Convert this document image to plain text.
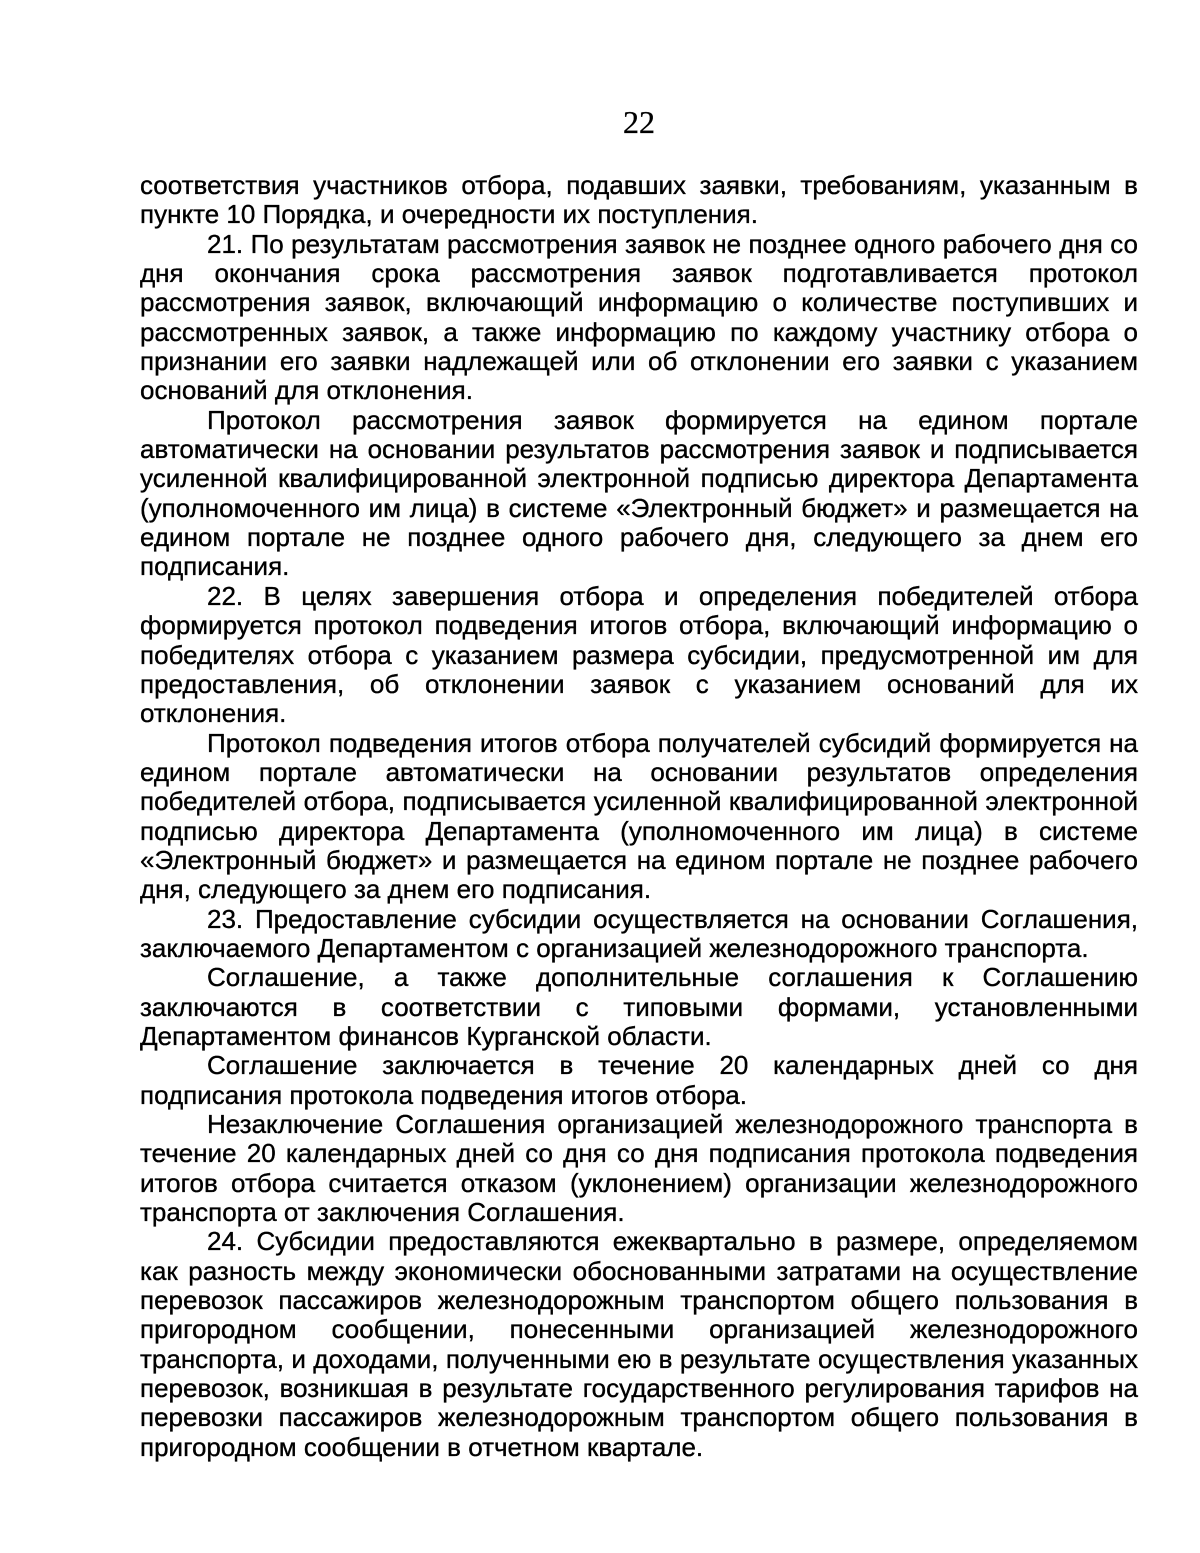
22

соответствия участников отбора, подавших заявки, требованиям, указанным в пункте 10 Порядка, и очередности их поступления.

21. По результатам рассмотрения заявок не позднее одного рабочего дня со дня окончания срока рассмотрения заявок подготавливается протокол рассмотрения заявок, включающий информацию о количестве поступивших и рассмотренных заявок, а также информацию по каждому участнику отбора о признании его заявки надлежащей или об отклонении его заявки с указанием оснований для отклонения.

Протокол рассмотрения заявок формируется на едином портале автоматически на основании результатов рассмотрения заявок и подписывается усиленной квалифицированной электронной подписью директора Департамента (уполномоченного им лица) в системе «Электронный бюджет» и размещается на едином портале не позднее одного рабочего дня, следующего за днем его подписания.

22. В целях завершения отбора и определения победителей отбора формируется протокол подведения итогов отбора, включающий информацию о победителях отбора с указанием размера субсидии, предусмотренной им для предоставления, об отклонении заявок с указанием оснований для их отклонения.

Протокол подведения итогов отбора получателей субсидий формируется на едином портале автоматически на основании результатов определения победителей отбора, подписывается усиленной квалифицированной электронной подписью директора Департамента (уполномоченного им лица) в системе «Электронный бюджет» и размещается на едином портале не позднее рабочего дня, следующего за днем его подписания.

23. Предоставление субсидии осуществляется на основании Соглашения, заключаемого Департаментом с организацией железнодорожного транспорта.

Соглашение, а также дополнительные соглашения к Соглашению заключаются в соответствии с типовыми формами, установленными Департаментом финансов Курганской области.

Соглашение заключается в течение 20 календарных дней со дня подписания протокола подведения итогов отбора.

Незаключение Соглашения организацией железнодорожного транспорта в течение 20 календарных дней со дня со дня подписания протокола подведения итогов отбора считается отказом (уклонением) организации железнодорожного транспорта от заключения Соглашения.

24. Субсидии предоставляются ежеквартально в размере, определяемом как разность между экономически обоснованными затратами на осуществление перевозок пассажиров железнодорожным транспортом общего пользования в пригородном сообщении, понесенными организацией железнодорожного транспорта, и доходами, полученными ею в результате осуществления указанных перевозок, возникшая в результате государственного регулирования тарифов на перевозки пассажиров железнодорожным транспортом общего пользования в пригородном сообщении в отчетном квартале.
